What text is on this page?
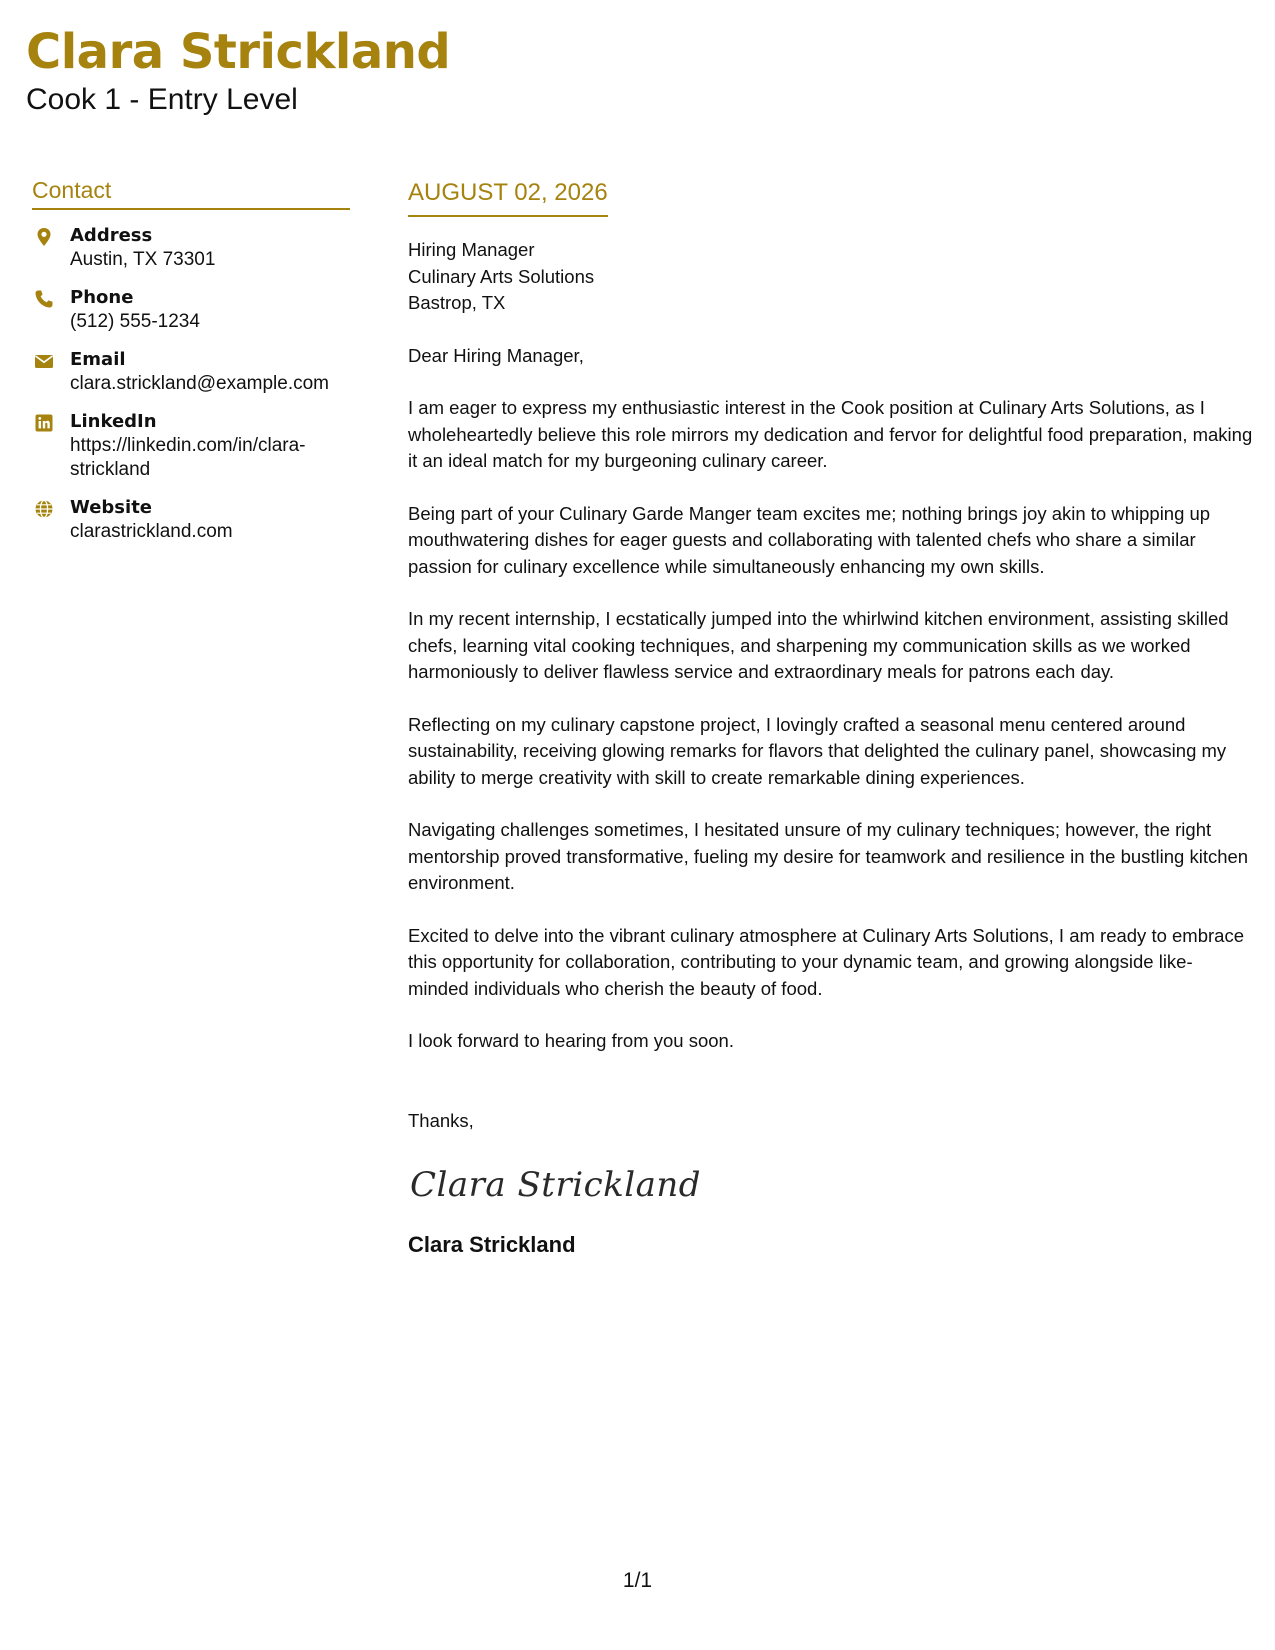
Clara Strickland
Cook 1 - Entry Level
Contact
Address
Austin, TX 73301
Phone
(512) 555-1234
Email
clara.strickland@example.com
LinkedIn
https://linkedin.com/in/clara-
strickland
Website
clarastrickland.com
AUGUST 02, 2026
Hiring Manager
Culinary Arts Solutions
Bastrop, TX
Dear Hiring Manager,
I am eager to express my enthusiastic interest in the Cook position at Culinary Arts Solutions, as I wholeheartedly believe this role mirrors my dedication and fervor for delightful food preparation, making it an ideal match for my burgeoning culinary career.
Being part of your Culinary Garde Manger team excites me; nothing brings joy akin to whipping up mouthwatering dishes for eager guests and collaborating with talented chefs who share a similar passion for culinary excellence while simultaneously enhancing my own skills.
In my recent internship, I ecstatically jumped into the whirlwind kitchen environment, assisting skilled chefs, learning vital cooking techniques, and sharpening my communication skills as we worked harmoniously to deliver flawless service and extraordinary meals for patrons each day.
Reflecting on my culinary capstone project, I lovingly crafted a seasonal menu centered around sustainability, receiving glowing remarks for flavors that delighted the culinary panel, showcasing my ability to merge creativity with skill to create remarkable dining experiences.
Navigating challenges sometimes, I hesitated unsure of my culinary techniques; however, the right mentorship proved transformative, fueling my desire for teamwork and resilience in the bustling kitchen environment.
Excited to delve into the vibrant culinary atmosphere at Culinary Arts Solutions, I am ready to embrace this opportunity for collaboration, contributing to your dynamic team, and growing alongside like-minded individuals who cherish the beauty of food.
I look forward to hearing from you soon.
Thanks,
Clara Strickland
Clara Strickland
1/1
